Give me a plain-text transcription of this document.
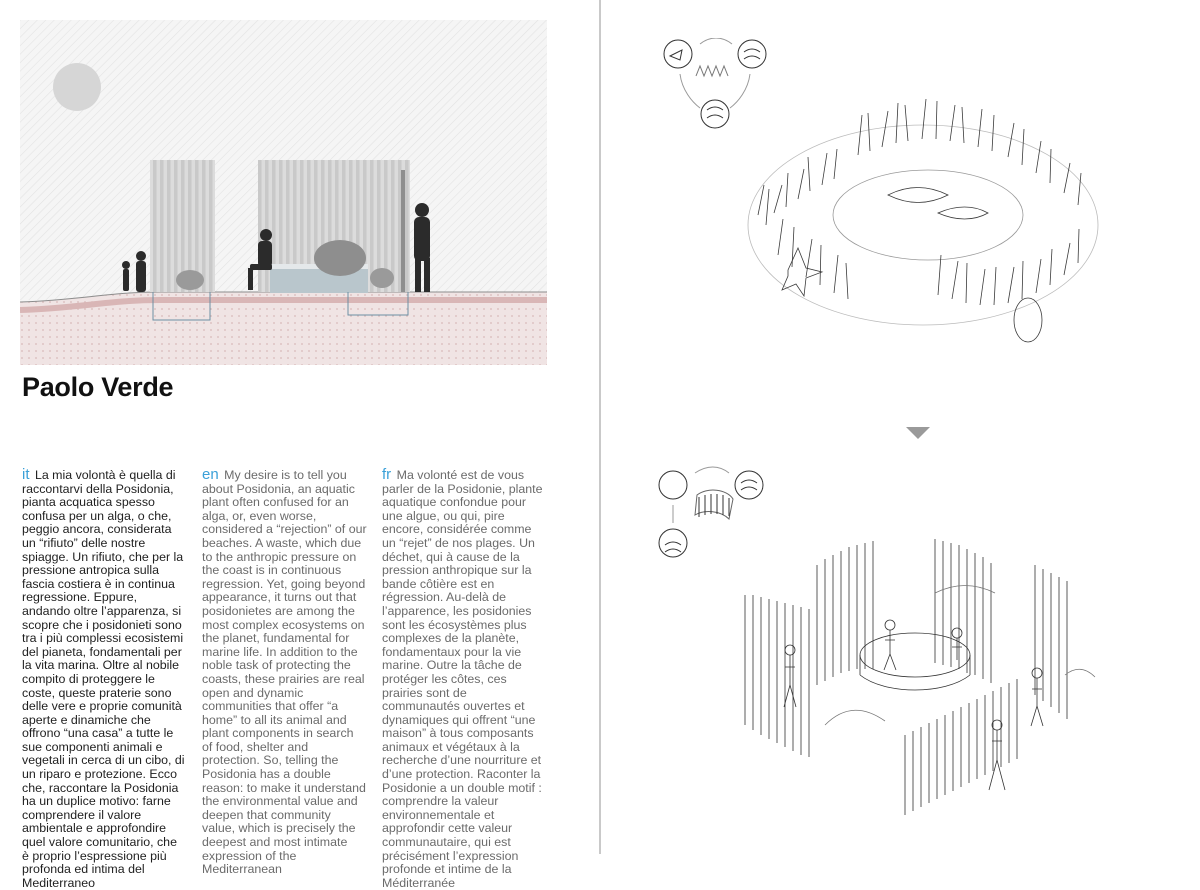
Paolo Verde
it La mia volontà è quella di raccontarvi della Posidonia, pianta acquatica spesso confusa per un alga, o che, peggio ancora, considerata un “rifiuto” delle nostre spiagge. Un rifiuto, che per la pressione antropica sulla fascia costiera è in continua regressione. Eppure, andando oltre l’apparenza, si scopre che i posidonieti sono tra i più complessi ecosistemi del pianeta, fondamentali per la vita marina. Oltre al nobile compito di proteggere le coste, queste praterie sono delle vere e proprie comunità aperte e dinamiche che offrono “una casa” a tutte le sue componenti animali e vegetali in cerca di un cibo, di un riparo e protezione. Ecco che, raccontare la Posidonia ha un duplice motivo: farne comprendere il valore ambientale e approfondire quel valore comunitario, che è proprio l’espressione più profonda ed intima del Mediterraneo
en My desire is to tell you about Posidonia, an aquatic plant often confused for an alga, or, even worse, considered a “rejection” of our beaches. A waste, which due to the anthropic pressure on the coast is in continuous regression. Yet, going beyond appearance, it turns out that posidonietes are among the most complex ecosystems on the planet, fundamental for marine life. In addition to the noble task of protecting the coasts, these prairies are real open and dynamic communities that offer “a home” to all its animal and plant components in search of food, shelter and protection. So, telling the Posidonia has a double reason: to make it understand the environmental value and deepen that community value, which is precisely the deepest and most intimate expression of the Mediterranean
fr Ma volonté est de vous parler de la Posidonie, plante aquatique confondue pour une algue, ou qui, pire encore, considérée comme un “rejet” de nos plages. Un déchet, qui à cause de la pression anthropique sur la bande côtière est en régression. Au-delà de l’apparence, les posidonies sont les écosystèmes plus complexes de la planète, fondamentaux pour la vie marine. Outre la tâche de protéger les côtes, ces prairies sont de communautés ouvertes et dynamiques qui offrent “une maison” à tous composants animaux et végétaux à la recherche d’une nourriture et d’une protection. Raconter la Posidonie a un double motif : comprendre la valeur environnementale et approfondir cette valeur communautaire, qui est précisément l’expression profonde et intime de la Méditerranée
